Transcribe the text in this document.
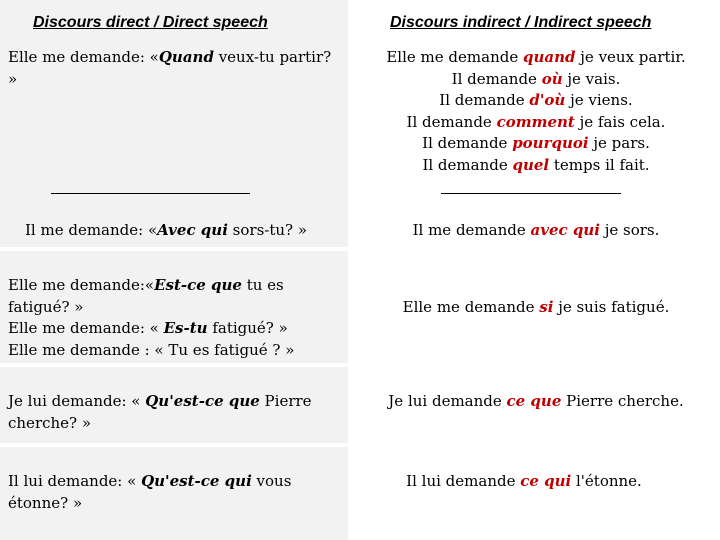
Discours direct / Direct speech	Discours indirect / Indirect speech
Elle me demande: «Quand veux-tu partir? »
Elle me demande quand je veux partir.
Il demande où je vais.
Il demande d'où je viens.
Il demande comment je fais cela.
Il demande pourquoi je pars.
Il demande quel temps il fait.
Il me demande: «Avec qui sors-tu? »	Il me demande avec qui je sors.
Elle me demande:«Est-ce que tu es fatigué? »
Elle me demande: « Es-tu fatigué? »
Elle me demande : « Tu es fatigué ? »
Elle me demande si je suis fatigué.
Je lui demande: « Qu'est-ce que Pierre cherche? »
Je lui demande ce que Pierre cherche.
Il lui demande: « Qu'est-ce qui vous étonne? »
Il lui demande ce qui l'étonne.
